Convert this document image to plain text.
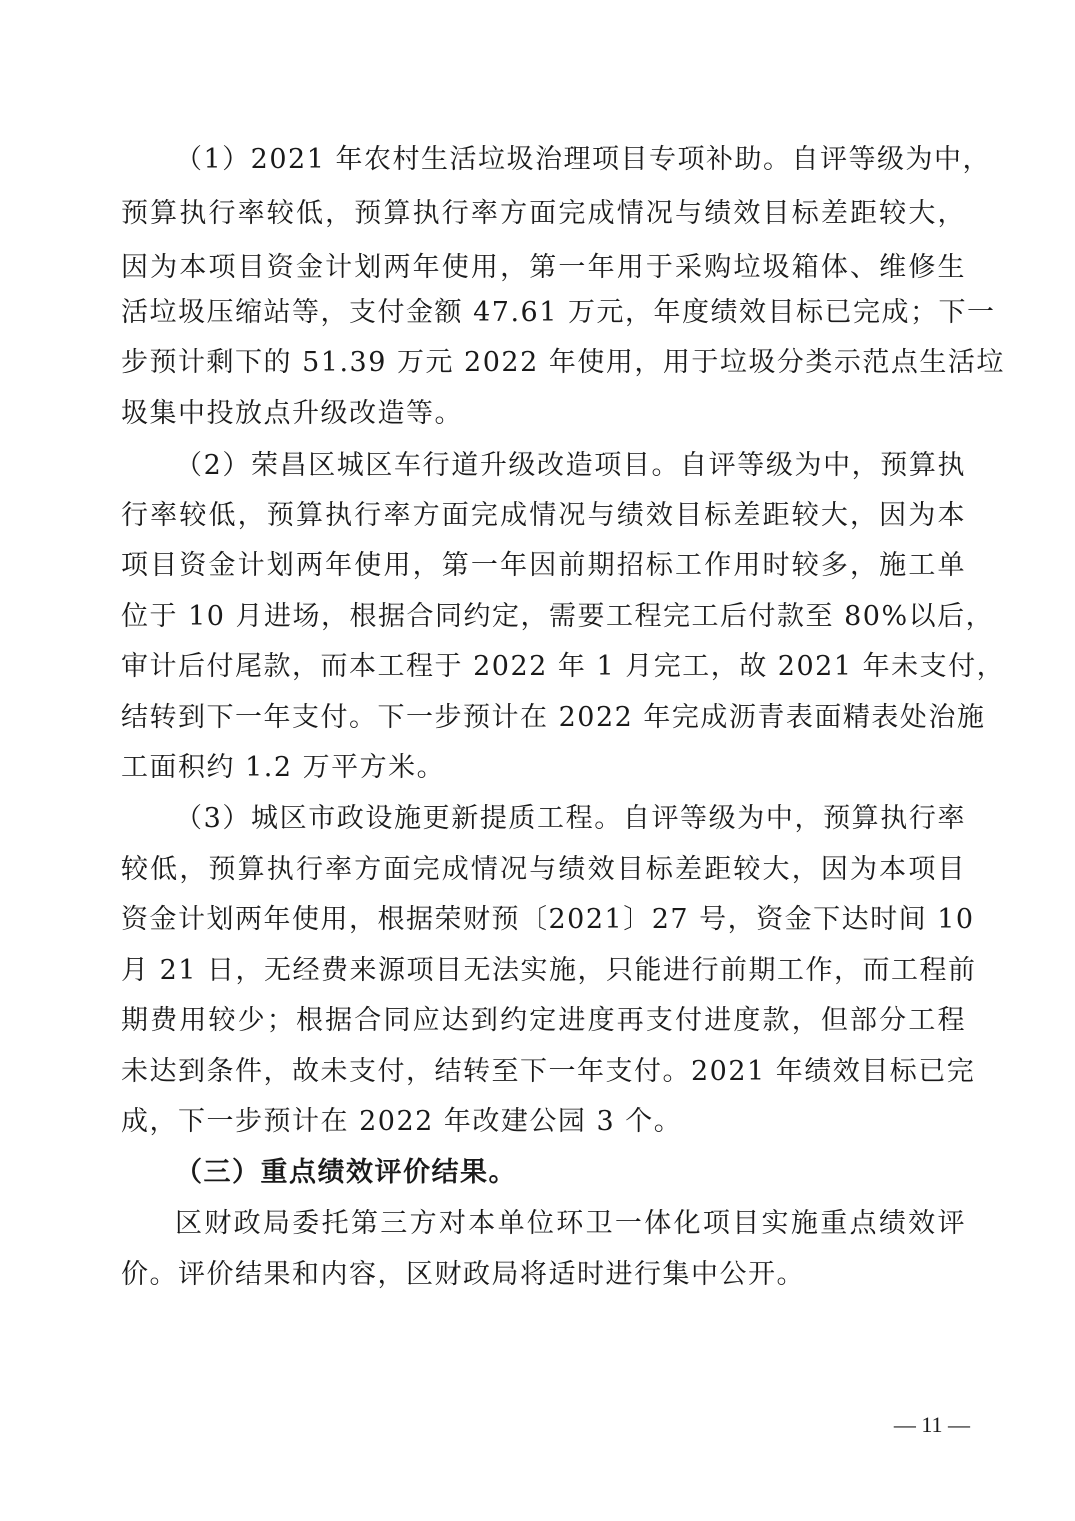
（1）2021 年农村生活垃圾治理项目专项补助。自评等级为中，
预算执行率较低，预算执行率方面完成情况与绩效目标差距较大，
因为本项目资金计划两年使用，第一年用于采购垃圾箱体、维修生
活垃圾压缩站等，支付金额 47.61 万元，年度绩效目标已完成；下一
步预计剩下的 51.39 万元 2022 年使用，用于垃圾分类示范点生活垃
圾集中投放点升级改造等。
（2）荣昌区城区车行道升级改造项目。自评等级为中，预算执
行率较低，预算执行率方面完成情况与绩效目标差距较大，因为本
项目资金计划两年使用，第一年因前期招标工作用时较多，施工单
位于 10 月进场，根据合同约定，需要工程完工后付款至 80%以后，
审计后付尾款，而本工程于 2022 年 1 月完工，故 2021 年未支付，
结转到下一年支付。下一步预计在 2022 年完成沥青表面精表处治施
工面积约 1.2 万平方米。
（3）城区市政设施更新提质工程。自评等级为中，预算执行率
较低，预算执行率方面完成情况与绩效目标差距较大，因为本项目
资金计划两年使用，根据荣财预〔2021〕27 号，资金下达时间 10
月 21 日，无经费来源项目无法实施，只能进行前期工作，而工程前
期费用较少；根据合同应达到约定进度再支付进度款，但部分工程
未达到条件，故未支付，结转至下一年支付。2021 年绩效目标已完
成，下一步预计在 2022 年改建公园 3 个。
（三）重点绩效评价结果。
区财政局委托第三方对本单位环卫一体化项目实施重点绩效评
价。评价结果和内容，区财政局将适时进行集中公开。
— 11 —
